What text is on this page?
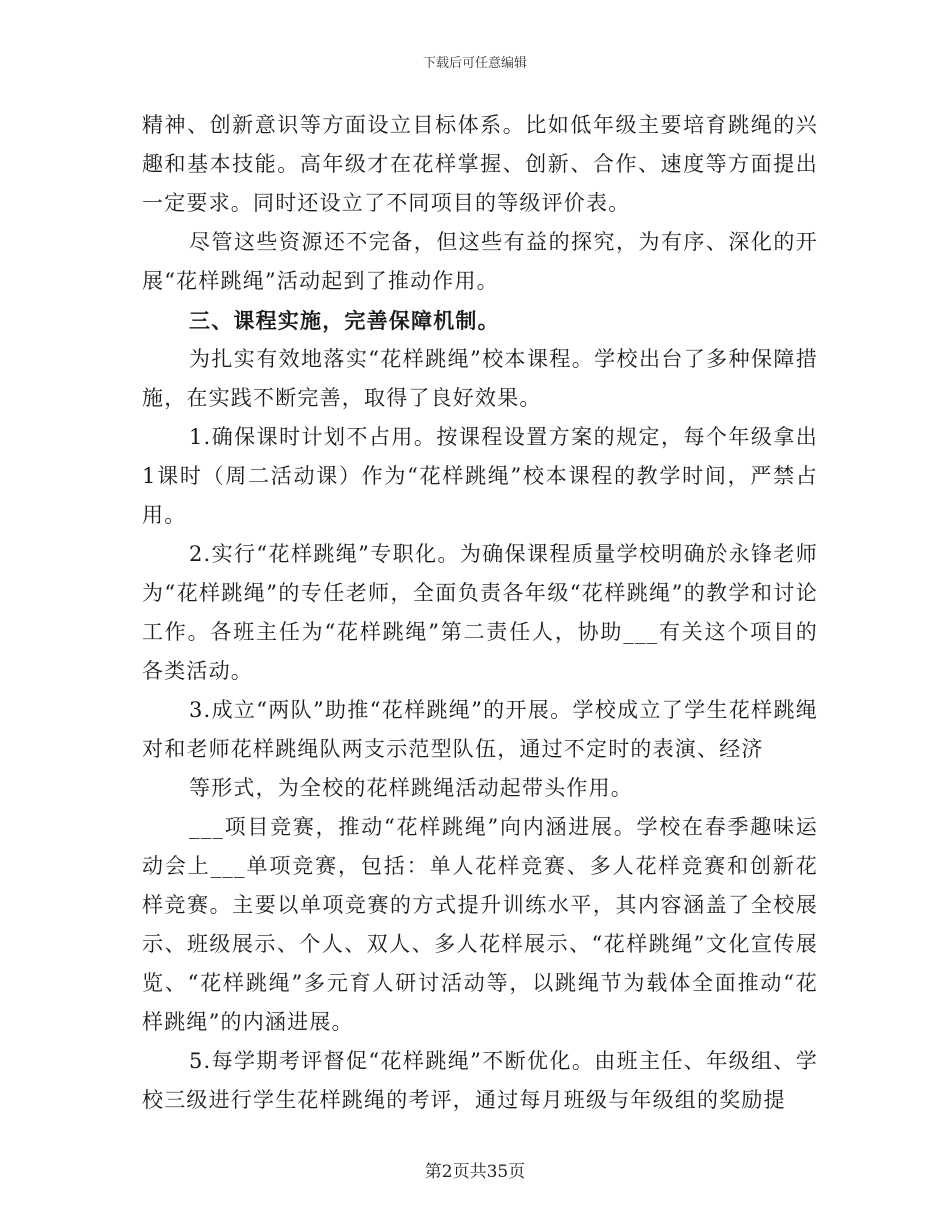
下载后可任意编辑

精神、创新意识等方面设立目标体系。比如低年级主要培育跳绳的兴趣和基本技能。高年级才在花样掌握、创新、合作、速度等方面提出一定要求。同时还设立了不同项目的等级评价表。

尽管这些资源还不完备，但这些有益的探究，为有序、深化的开展“花样跳绳”活动起到了推动作用。

三、课程实施，完善保障机制。

为扎实有效地落实“花样跳绳”校本课程。学校出台了多种保障措施，在实践不断完善，取得了良好效果。

1.确保课时计划不占用。按课程设置方案的规定，每个年级拿出1课时（周二活动课）作为“花样跳绳”校本课程的教学时间，严禁占用。

2.实行“花样跳绳”专职化。为确保课程质量学校明确於永锋老师为“花样跳绳”的专任老师，全面负责各年级“花样跳绳”的教学和讨论工作。各班主任为“花样跳绳”第二责任人，协助___有关这个项目的各类活动。

3.成立“两队”助推“花样跳绳”的开展。学校成立了学生花样跳绳对和老师花样跳绳队两支示范型队伍，通过不定时的表演、经济

等形式，为全校的花样跳绳活动起带头作用。

___项目竞赛，推动“花样跳绳”向内涵进展。学校在春季趣味运动会上___单项竞赛，包括：单人花样竞赛、多人花样竞赛和创新花样竞赛。主要以单项竞赛的方式提升训练水平，其内容涵盖了全校展示、班级展示、个人、双人、多人花样展示、“花样跳绳”文化宣传展览、“花样跳绳”多元育人研讨活动等，以跳绳节为载体全面推动“花样跳绳”的内涵进展。

5.每学期考评督促“花样跳绳”不断优化。由班主任、年级组、学校三级进行学生花样跳绳的考评，通过每月班级与年级组的奖励提

第2页共35页
